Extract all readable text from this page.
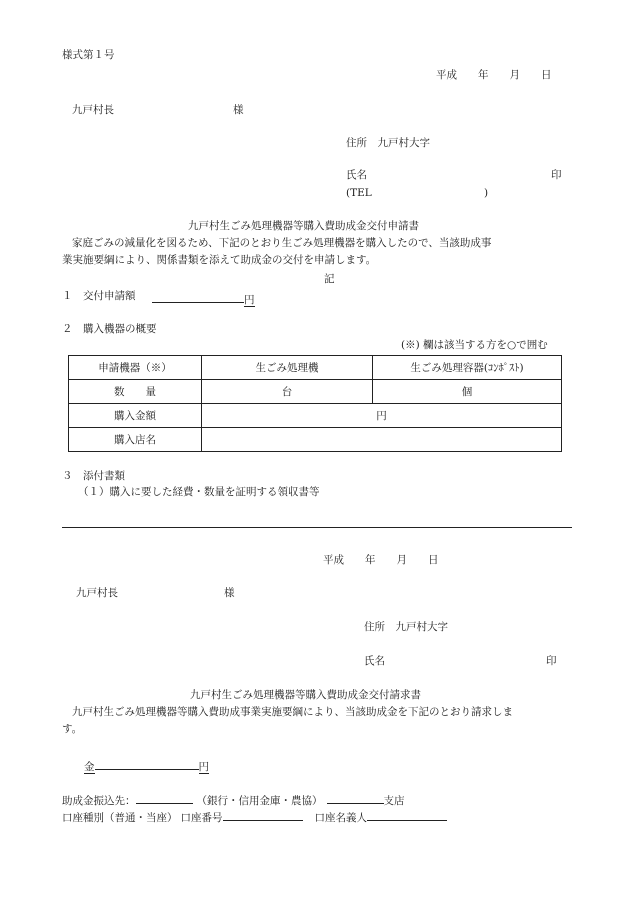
様式第１号
平成　　年　　月　　日
九戸村長	様
住所　九戸村大字
氏名	印
(TEL	)
九戸村生ごみ処理機器等購入費助成金交付申請書
家庭ごみの減量化を図るため、下記のとおり生ごみ処理機器を購入したので、当該助成事
業実施要綱により、関係書類を添えて助成金の交付を申請します。
記
１　交付申請額	円
２　購入機器の概要
(※) 欄は該当する方を○で囲む
申請機器（※）	生ごみ処理機	生ごみ処理容器(ｺﾝﾎﾟｽﾄ)
数　　量	台	個
購入金額	円	
購入店名		
３　添付書類
（１）購入に要した経費・数量を証明する領収書等
平成　　年　　月　　日
九戸村長	様
住所　九戸村大字
氏名	印
九戸村生ごみ処理機器等購入費助成金交付請求書
九戸村生ごみ処理機器等購入費助成事業実施要綱により、当該助成金を下記のとおり請求しま
す。
金	円
助成金振込先：	（銀行・信用金庫・農協）	支店
口座種別（普通・当座） 口座番号	口座名義人
